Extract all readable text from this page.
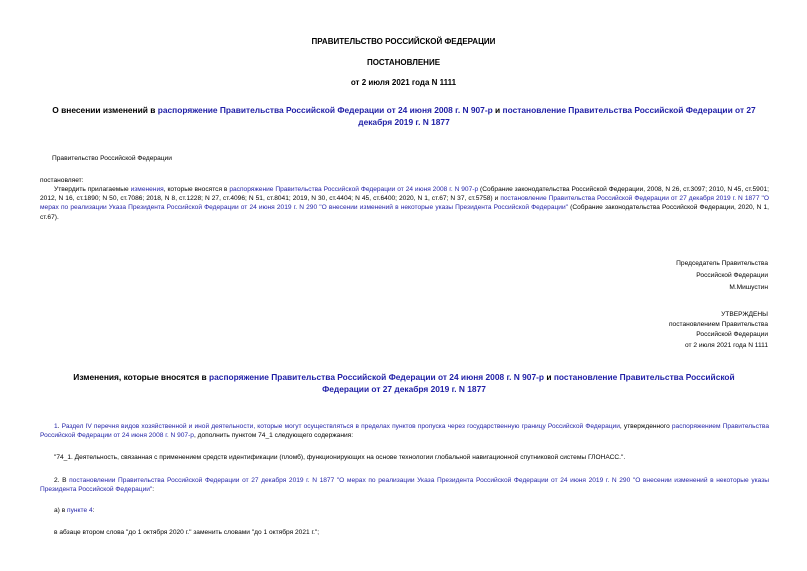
ПРАВИТЕЛЬСТВО РОССИЙСКОЙ ФЕДЕРАЦИИ
ПОСТАНОВЛЕНИЕ
от 2 июля 2021 года N 1111
О внесении изменений в распоряжение Правительства Российской Федерации от 24 июня 2008 г. N 907-р и постановление Правительства Российской Федерации от 27 декабря 2019 г. N 1877
Правительство Российской Федерации
постановляет:
Утвердить прилагаемые изменения, которые вносятся в распоряжение Правительства Российской Федерации от 24 июня 2008 г. N 907-р (Собрание законодательства Российской Федерации, 2008, N 26, ст.3097; 2010, N 45, ст.5901; 2012, N 16, ст.1890; N 50, ст.7086; 2018, N 8, ст.1228; N 27, ст.4096; N 51, ст.8041; 2019, N 30, ст.4404; N 45, ст.6400; 2020, N 1, ст.67; N 37, ст.5758) и постановление Правительства Российской Федерации от 27 декабря 2019 г. N 1877 "О мерах по реализации Указа Президента Российской Федерации от 24 июня 2019 г. N 290 "О внесении изменений в некоторые указы Президента Российской Федерации" (Собрание законодательства Российской Федерации, 2020, N 1, ст.67).
Председатель Правительства
Российской Федерации
М.Мишустин
УТВЕРЖДЕНЫ
постановлением Правительства
Российской Федерации
от 2 июля 2021 года N 1111
Изменения, которые вносятся в распоряжение Правительства Российской Федерации от 24 июня 2008 г. N 907-р и постановление Правительства Российской Федерации от 27 декабря 2019 г. N 1877
1. Раздел IV перечня видов хозяйственной и иной деятельности, которые могут осуществляться в пределах пунктов пропуска через государственную границу Российской Федерации, утвержденного распоряжением Правительства Российской Федерации от 24 июня 2008 г. N 907-р, дополнить пунктом 74_1 следующего содержания:
"74_1. Деятельность, связанная с применением средств идентификации (пломб), функционирующих на основе технологии глобальной навигационной спутниковой системы ГЛОНАСС.".
2. В постановлении Правительства Российской Федерации от 27 декабря 2019 г. N 1877 "О мерах по реализации Указа Президента Российской Федерации от 24 июня 2019 г. N 290 "О внесении изменений в некоторые указы Президента Российской Федерации":
а) в пункте 4:
в абзаце втором слова "до 1 октября 2020 г." заменить словами "до 1 октября 2021 г.";
